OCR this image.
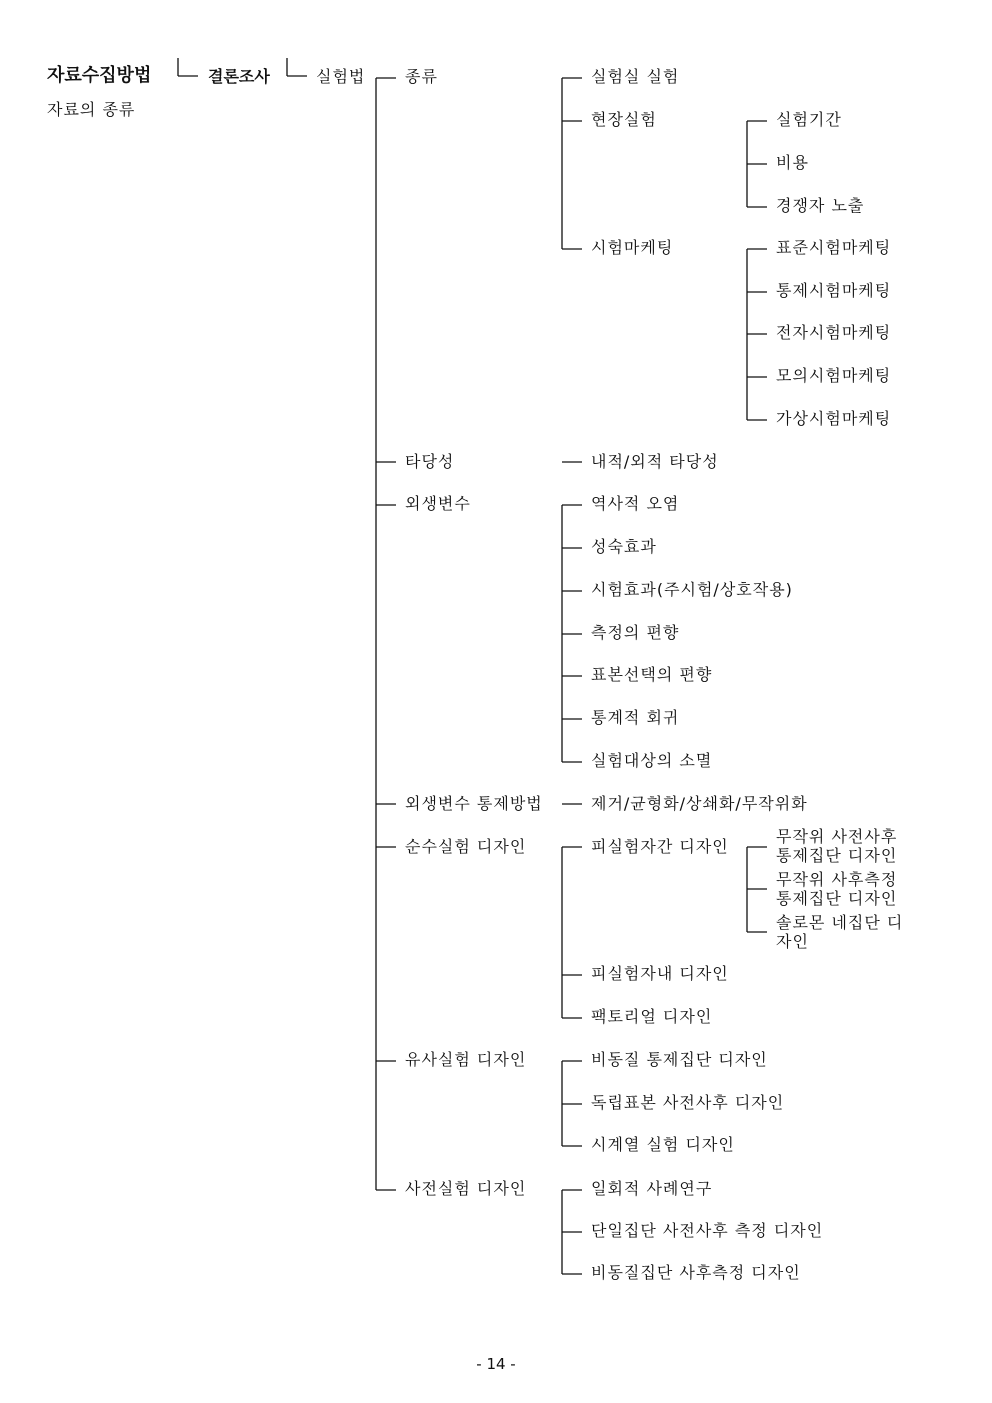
자료수집방법
자료의 종류
결론조사	실험법 종류
타당성
외생변수
외생변수 통제방법
순수실험 디자인
유사실험 디자인
사전실험 디자인
실험실 실험
현장실험
시험마케팅
실험기간
비용
경쟁자 노출
표준시험마케팅
통제시험마케팅
전자시험마케팅
모의시험마케팅
가상시험마케팅
내적/외적 타당성
역사적 오염
성숙효과
시험효과(주시험/상호작용)
측정의 편향
표본선택의 편향
통계적 회귀
실험대상의 소멸
제거/균형화/상쇄화/무작위화
피실험자간 디자인
피실험자내 디자인
팩토리얼 디자인
무작위 사전사후 통제집단 디자인
무작위 사후측정 통제집단 디자인
솔로몬 네집단 디자인
비동질 통제집단 디자인
독립표본 사전사후 디자인
시계열 실험 디자인
일회적 사례연구
단일집단 사전사후 측정 디자인
비동질집단 사후측정 디자인
- 14 -
